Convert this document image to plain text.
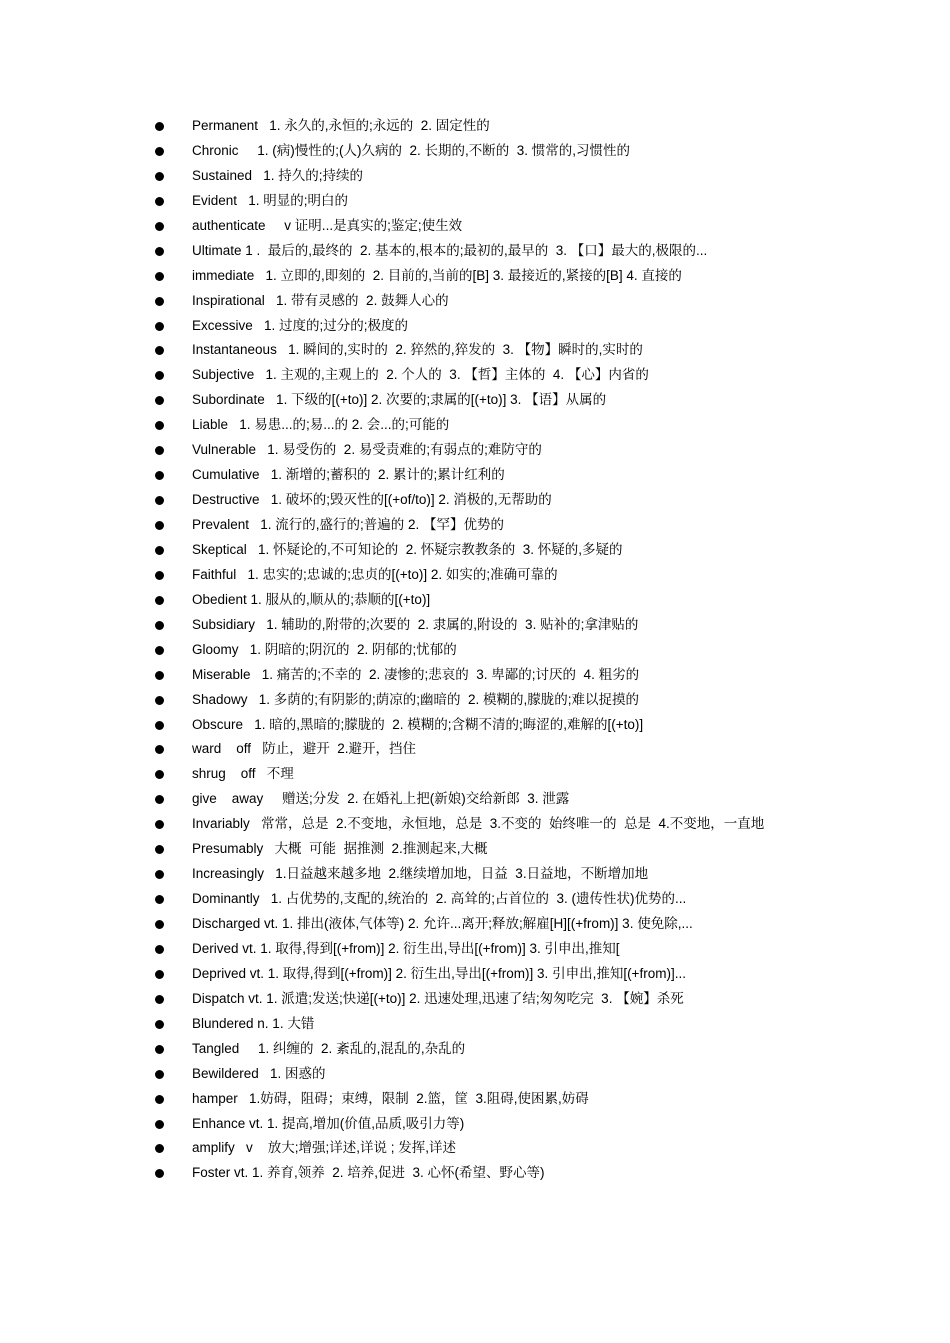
Permanent   1. 永久的,永恒的;永远的  2. 固定性的
Chronic     1. (病)慢性的;(人)久病的  2. 长期的,不断的  3. 惯常的,习惯性的
Sustained   1. 持久的;持续的
Evident   1. 明显的;明白的
authenticate     v 证明...是真实的;鉴定;使生效
Ultimate 1 .  最后的,最终的  2. 基本的,根本的;最初的,最早的  3. 【口】最大的,极限的...
immediate   1. 立即的,即刻的  2. 目前的,当前的[B] 3. 最接近的,紧接的[B] 4. 直接的
Inspirational   1. 带有灵感的  2. 鼓舞人心的
Excessive   1. 过度的;过分的;极度的
Instantaneous   1. 瞬间的,实时的  2. 猝然的,猝发的  3. 【物】瞬时的,实时的
Subjective   1. 主观的,主观上的  2. 个人的  3. 【哲】主体的  4. 【心】内省的
Subordinate   1. 下级的[(+to)] 2. 次要的;隶属的[(+to)] 3. 【语】从属的
Liable   1. 易患...的;易...的 2. 会...的;可能的
Vulnerable   1. 易受伤的  2. 易受责难的;有弱点的;难防守的
Cumulative   1. 渐增的;蓄积的  2. 累计的;累计红利的
Destructive   1. 破坏的;毁灭性的[(+of/to)] 2. 消极的,无帮助的
Prevalent   1. 流行的,盛行的;普遍的 2. 【罕】优势的
Skeptical   1. 怀疑论的,不可知论的  2. 怀疑宗教教条的  3. 怀疑的,多疑的
Faithful   1. 忠实的;忠诚的;忠贞的[(+to)] 2. 如实的;准确可靠的
Obedient 1. 服从的,顺从的;恭顺的[(+to)]
Subsidiary   1. 辅助的,附带的;次要的  2. 隶属的,附设的  3. 贴补的;拿津贴的
Gloomy   1. 阴暗的;阴沉的  2. 阴郁的;忧郁的
Miserable   1. 痛苦的;不幸的  2. 凄惨的;悲哀的  3. 卑鄙的;讨厌的  4. 粗劣的
Shadowy   1. 多荫的;有阴影的;荫凉的;幽暗的  2. 模糊的,朦胧的;难以捉摸的
Obscure   1. 暗的,黑暗的;朦胧的  2. 模糊的;含糊不清的;晦涩的,难解的[(+to)]
ward    off   防止，避开  2.避开，挡住
shrug    off   不理
give    away     赠送;分发  2. 在婚礼上把(新娘)交给新郎  3. 泄露
Invariably   常常，总是  2.不变地，永恒地，总是  3.不变的  始终唯一的  总是  4.不变地，一直地
Presumably   大概  可能  据推测  2.推测起来,大概
Increasingly   1.日益越来越多地  2.继续增加地，日益  3.日益地，不断增加地
Dominantly   1. 占优势的,支配的,统治的  2. 高耸的;占首位的  3. (遗传性状)优势的...
Discharged vt. 1. 排出(液体,气体等) 2. 允许...离开;释放;解雇[H][(+from)] 3. 使免除,...
Derived vt. 1. 取得,得到[(+from)] 2. 衍生出,导出[(+from)] 3. 引申出,推知[
Deprived vt. 1. 取得,得到[(+from)] 2. 衍生出,导出[(+from)] 3. 引申出,推知[(+from)]...
Dispatch vt. 1. 派遣;发送;快递[(+to)] 2. 迅速处理,迅速了结;匆匆吃完  3. 【婉】杀死
Blundered n. 1. 大错
Tangled     1. 纠缠的  2. 紊乱的,混乱的,杂乱的
Bewildered   1. 困惑的
hamper   1.妨碍，阻碍；束缚，限制  2.篮，筐  3.阻碍,使困累,妨碍
Enhance vt. 1. 提高,增加(价值,品质,吸引力等)
amplify   v    放大;增强;详述,详说 ; 发挥,详述
Foster vt. 1. 养育,领养  2. 培养,促进  3. 心怀(希望、野心等)
